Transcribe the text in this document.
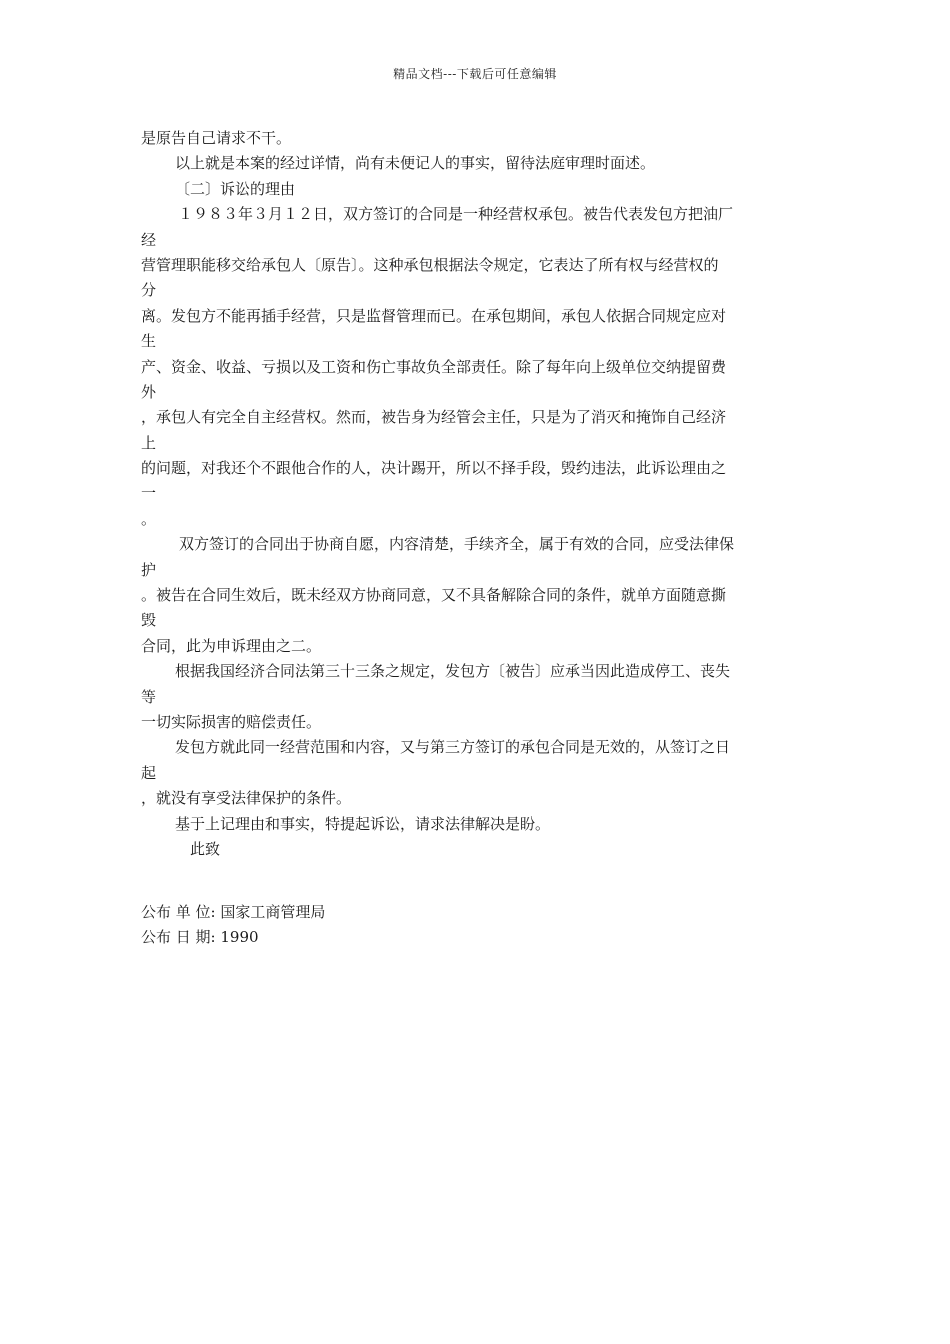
精品文档---下载后可任意编辑
是原告自己请求不干。
以上就是本案的经过详情，尚有未便记人的事实，留待法庭审理时面述。
〔二〕诉讼的理由
１９８３年３月１２日，双方签订的合同是一种经营权承包。被告代表发包方把油厂
经
营管理职能移交给承包人〔原告〕。这种承包根据法令规定，它表达了所有权与经营权的
分
离。发包方不能再插手经营，只是监督管理而已。在承包期间，承包人依据合同规定应对
生
产、资金、收益、亏损以及工资和伤亡事故负全部责任。除了每年向上级单位交纳提留费
外
，承包人有完全自主经营权。然而，被告身为经管会主任，只是为了消灭和掩饰自己经济
上
的问题，对我还个不跟他合作的人，决计踢开，所以不择手段，毁约违法，此诉讼理由之
一
。
双方签订的合同出于协商自愿，内容清楚，手续齐全，属于有效的合同，应受法律保
护
。被告在合同生效后，既未经双方协商同意，又不具备解除合同的条件，就单方面随意撕
毁
合同，此为申诉理由之二。
根据我国经济合同法第三十三条之规定，发包方〔被告〕应承当因此造成停工、丧失
等
一切实际损害的赔偿责任。
发包方就此同一经营范围和内容，又与第三方签订的承包合同是无效的，从签订之日
起
，就没有享受法律保护的条件。
基于上记理由和事实，特提起诉讼，请求法律解决是盼。
此致
公布 单 位: 国家工商管理局
公布 日 期: 1990
